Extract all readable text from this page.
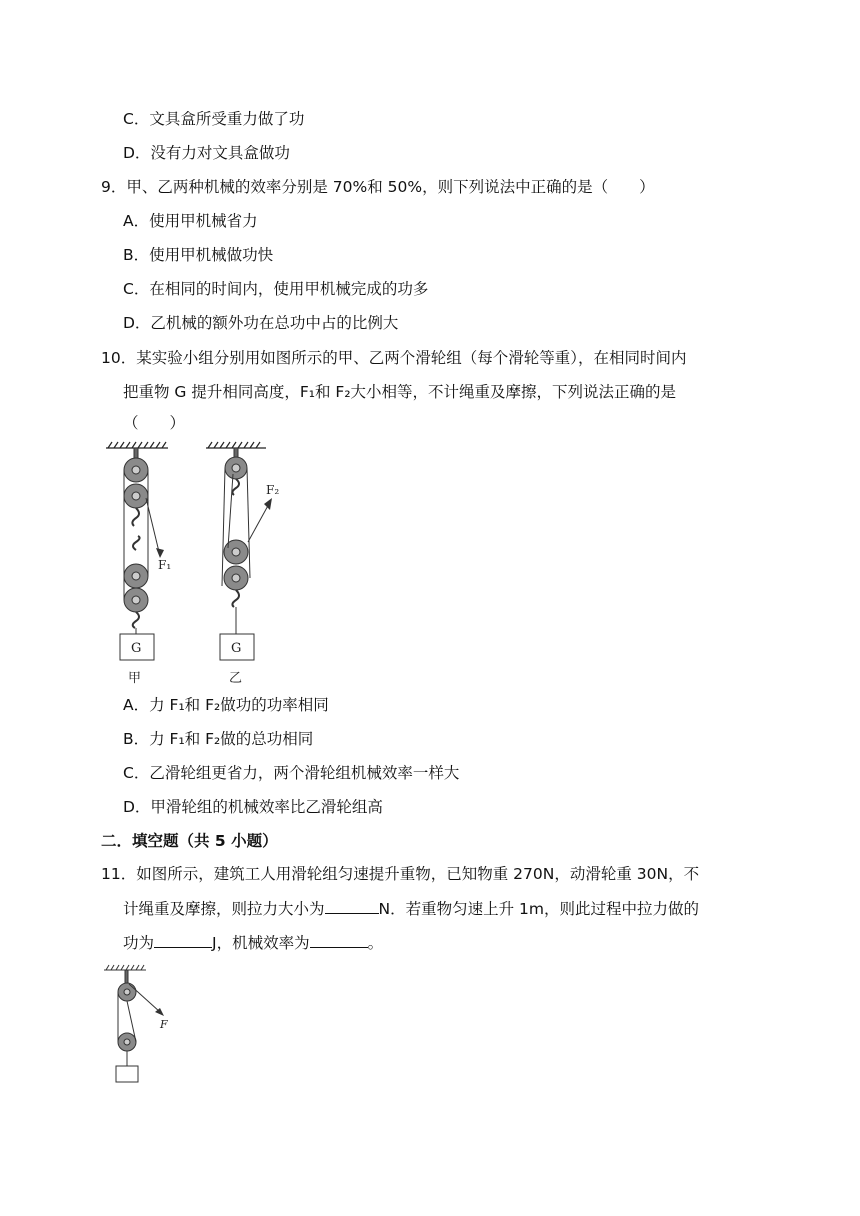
C．文具盒所受重力做了功
D．没有力对文具盒做功
9．甲、乙两种机械的效率分别是 70%和 50%，则下列说法中正确的是（　　）
A．使用甲机械省力
B．使用甲机械做功快
C．在相同的时间内，使用甲机械完成的功多
D．乙机械的额外功在总功中占的比例大
10．某实验小组分别用如图所示的甲、乙两个滑轮组（每个滑轮等重），在相同时间内
把重物 G 提升相同高度，F₁和 F₂大小相等，不计绳重及摩擦，下列说法正确的是
（　　）
F₁
G
甲
F₂
G
乙
A．力 F₁和 F₂做功的功率相同
B．力 F₁和 F₂做的总功相同
C．乙滑轮组更省力，两个滑轮组机械效率一样大
D．甲滑轮组的机械效率比乙滑轮组高
二．填空题（共 5 小题）
11．如图所示，建筑工人用滑轮组匀速提升重物，已知物重 270N，动滑轮重 30N，不
计绳重及摩擦，则拉力大小为	N．若重物匀速上升 1m，则此过程中拉力做的
功为	J，机械效率为	。
F
